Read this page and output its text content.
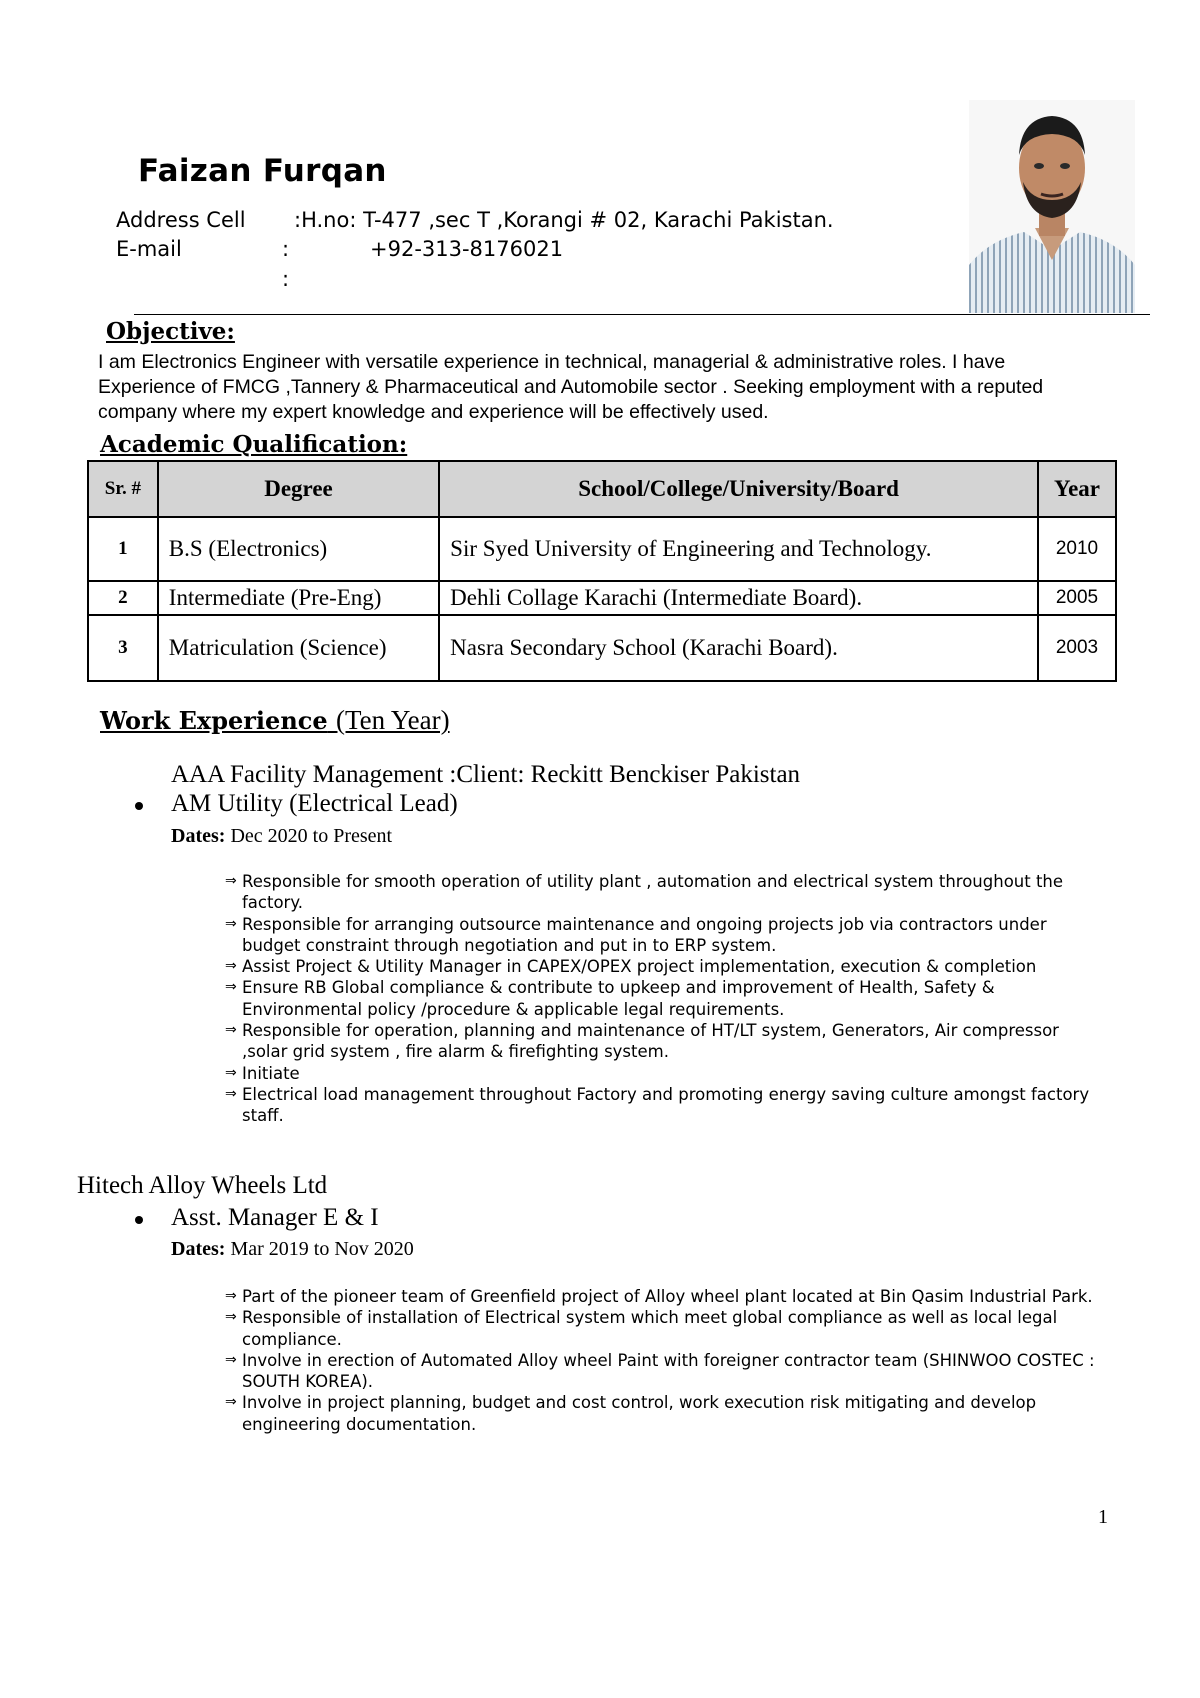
Faizan Furqan
Address Cell :H.no: T-477 ,sec T ,Korangi # 02, Karachi Pakistan.
E-mail	:	+92-313-8176021
:
Objective:
I am Electronics Engineer with versatile experience in technical, managerial & administrative roles. I have Experience of FMCG ,Tannery & Pharmaceutical and Automobile sector . Seeking employment with a reputed company where my expert knowledge and experience will be effectively used.
Academic Qualification:
Sr. #	Degree	School/College/University/Board	Year
1	B.S (Electronics)	Sir Syed University of Engineering and Technology.	2010
2	Intermediate (Pre-Eng)	Dehli Collage Karachi (Intermediate Board).	2005
3	Matriculation (Science)	Nasra Secondary School (Karachi Board).	2003
Work Experience (Ten Year)
AAA Facility Management :Client: Reckitt Benckiser Pakistan
AM Utility (Electrical Lead)
Dates: Dec 2020 to Present
⇒ Responsible for smooth operation of utility plant , automation and electrical system throughout the factory.
⇒ Responsible for arranging outsource maintenance and ongoing projects job via contractors under budget constraint through negotiation and put in to ERP system.
⇒ Assist Project & Utility Manager in CAPEX/OPEX project implementation, execution & completion
⇒ Ensure RB Global compliance & contribute to upkeep and improvement of Health, Safety & Environmental policy /procedure & applicable legal requirements.
⇒ Responsible for operation, planning and maintenance of HT/LT system, Generators, Air compressor ,solar grid system , fire alarm & firefighting system.
⇒ Initiate
⇒ Electrical load management throughout Factory and promoting energy saving culture amongst factory staff.
Hitech Alloy Wheels Ltd
Asst. Manager E & I
Dates: Mar 2019 to Nov 2020
⇒ Part of the pioneer team of Greenfield project of Alloy wheel plant located at Bin Qasim Industrial Park.
⇒ Responsible of installation of Electrical system which meet global compliance as well as local legal compliance.
⇒ Involve in erection of Automated Alloy wheel Paint with foreigner contractor team (SHINWOO COSTEC : SOUTH KOREA).
⇒ Involve in project planning, budget and cost control, work execution risk mitigating and develop engineering documentation.
1
